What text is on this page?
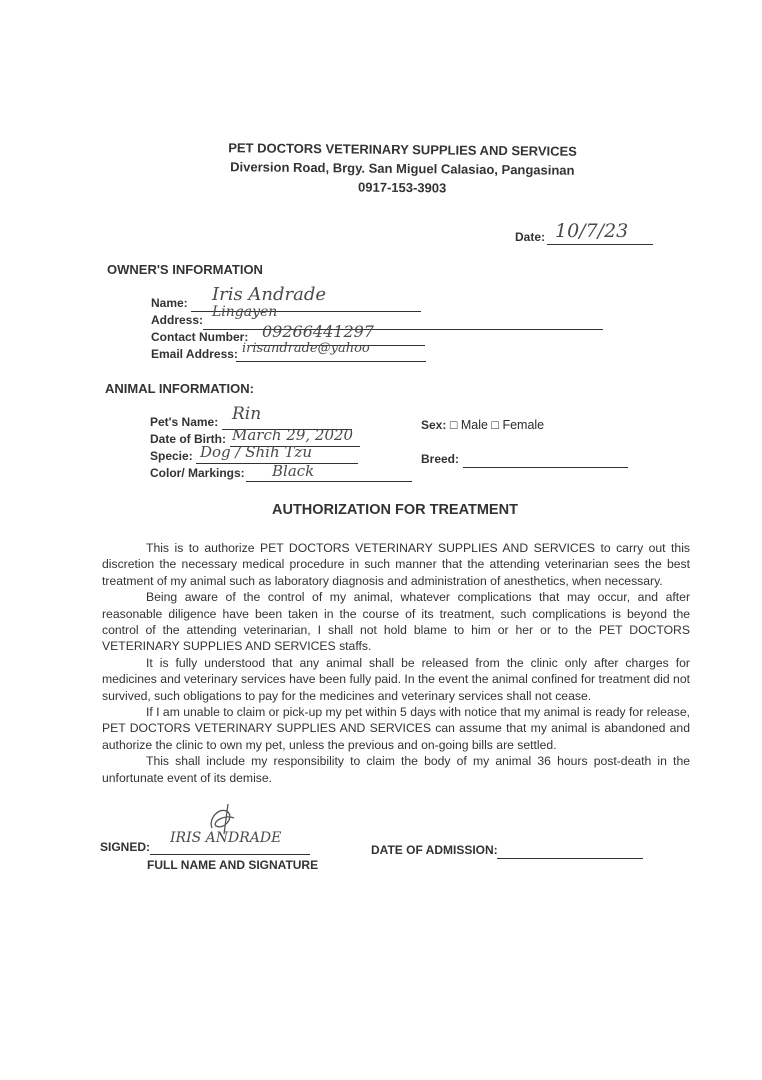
PET DOCTORS VETERINARY SUPPLIES AND SERVICES
Diversion Road, Brgy. San Miguel Calasiao, Pangasinan
0917-153-3903
Date: 10/7/23
OWNER'S INFORMATION
Name: Iris Andrade
Address: Lingayen
Contact Number: 09266441297
Email Address: irisandrade@yahoo
ANIMAL INFORMATION:
Pet's Name: Rin
Date of Birth: March 29, 2020
Specie: Dog / Shih Tzu
Color/ Markings: Black
Sex: □ Male □ Female
Breed:
AUTHORIZATION FOR TREATMENT

This is to authorize PET DOCTORS VETERINARY SUPPLIES AND SERVICES to carry out this discretion the necessary medical procedure in such manner that the attending veterinarian sees the best treatment of my animal such as laboratory diagnosis and administration of anesthetics, when necessary.

Being aware of the control of my animal, whatever complications that may occur, and after reasonable diligence have been taken in the course of its treatment, such complications is beyond the control of the attending veterinarian, I shall not hold blame to him or her or to the PET DOCTORS VETERINARY SUPPLIES AND SERVICES staffs.

It is fully understood that any animal shall be released from the clinic only after charges for medicines and veterinary services have been fully paid. In the event the animal confined for treatment did not survived, such obligations to pay for the medicines and veterinary services shall not cease.

If I am unable to claim or pick-up my pet within 5 days with notice that my animal is ready for release, PET DOCTORS VETERINARY SUPPLIES AND SERVICES can assume that my animal is abandoned and authorize the clinic to own my pet, unless the previous and on-going bills are settled.

This shall include my responsibility to claim the body of my animal 36 hours post-death in the unfortunate event of its demise.

SIGNED:
IRIS ANDRADE
FULL NAME AND SIGNATURE
DATE OF ADMISSION:
